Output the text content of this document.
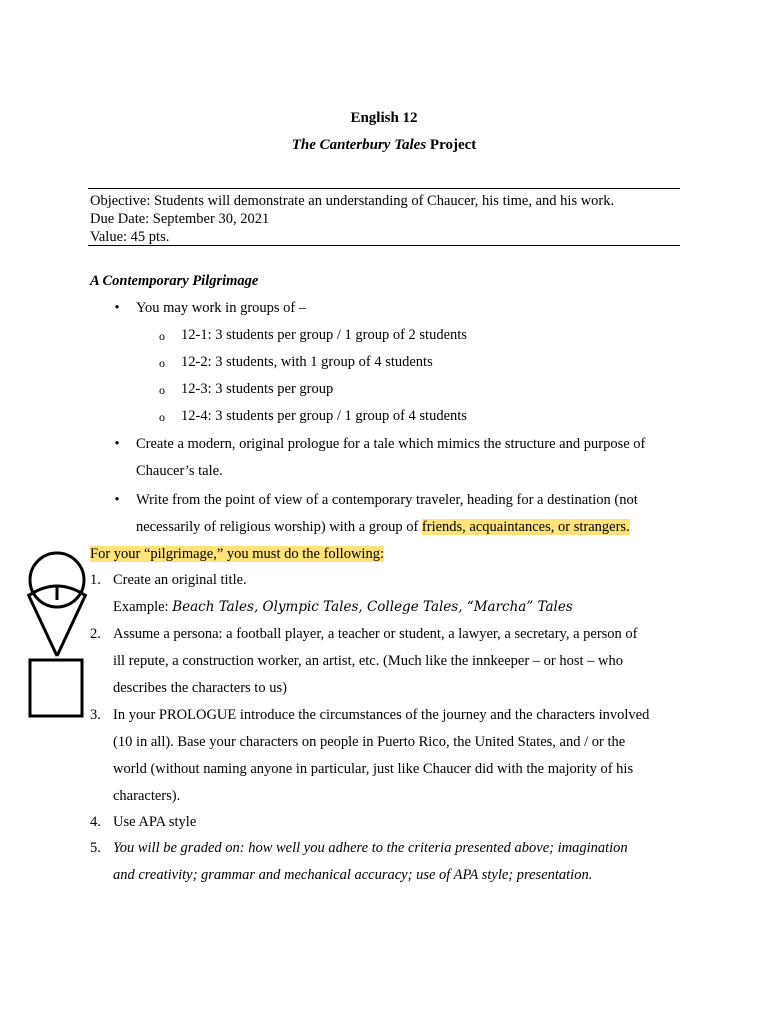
English 12
The Canterbury Tales Project
Objective: Students will demonstrate an understanding of Chaucer, his time, and his work.
Due Date: September 30, 2021
Value: 45 pts.
A Contemporary Pilgrimage
• You may work in groups of –
o 12-1: 3 students per group / 1 group of 2 students
o 12-2: 3 students, with 1 group of 4 students
o 12-3: 3 students per group
o 12-4: 3 students per group / 1 group of 4 students
• Create a modern, original prologue for a tale which mimics the structure and purpose of
Chaucer’s tale.
• Write from the point of view of a contemporary traveler, heading for a destination (not
necessarily of religious worship) with a group of friends, acquaintances, or strangers.
For your “pilgrimage,” you must do the following:
1. Create an original title.
Example: Beach Tales, Olympic Tales, College Tales, “Marcha” Tales
2. Assume a persona: a football player, a teacher or student, a lawyer, a secretary, a person of
ill repute, a construction worker, an artist, etc. (Much like the innkeeper – or host – who
describes the characters to us)
3. In your PROLOGUE introduce the circumstances of the journey and the characters involved
(10 in all). Base your characters on people in Puerto Rico, the United States, and / or the
world (without naming anyone in particular, just like Chaucer did with the majority of his
characters).
4. Use APA style
5. You will be graded on: how well you adhere to the criteria presented above; imagination
and creativity; grammar and mechanical accuracy; use of APA style; presentation.
